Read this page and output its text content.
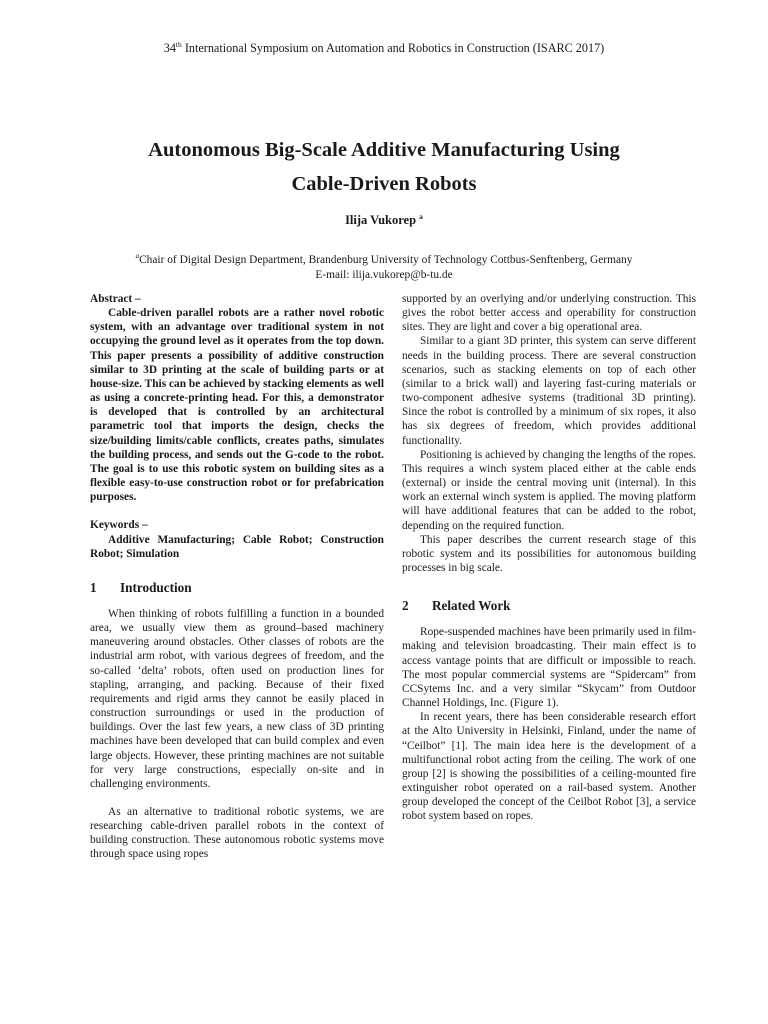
34th International Symposium on Automation and Robotics in Construction (ISARC 2017)
Autonomous Big-Scale Additive Manufacturing Using
Cable-Driven Robots
Ilija Vukorep $^a$
$^a$Chair of Digital Design Department, Brandenburg University of Technology Cottbus-Senftenberg, Germany
E-mail: ilija.vukorep@b-tu.de

Abstract –

Cable-driven parallel robots are a rather novel robotic system, with an advantage over traditional system in not occupying the ground level as it operates from the top down. This paper presents a possibility of additive construction similar to 3D printing at the scale of building parts or at house-size. This can be achieved by stacking elements as well as using a concrete-printing head. For this, a demonstrator is developed that is controlled by an architectural parametric tool that imports the design, checks the size/building limits/cable conflicts, creates paths, simulates the building process, and sends out the G-code to the robot. The goal is to use this robotic system on building sites as a flexible easy-to-use construction robot or for prefabrication purposes.

Keywords –

Additive Manufacturing; Cable Robot; Construction Robot; Simulation

1	Introduction

When thinking of robots fulfilling a function in a bounded area, we usually view them as ground–based machinery maneuvering around obstacles. Other classes of robots are the industrial arm robot, with various degrees of freedom, and the so-called ‘delta’ robots, often used on production lines for stapling, arranging, and packing. Because of their fixed requirements and rigid arms they cannot be easily placed in construction surroundings or used in the production of buildings. Over the last few years, a new class of 3D printing machines have been developed that can build complex and even large objects. However, these printing machines are not suitable for very large constructions, especially on-site and in challenging environments.

As an alternative to traditional robotic systems, we are researching cable-driven parallel robots in the context of building construction. These autonomous robotic systems move through space using ropes

supported by an overlying and/or underlying construction. This gives the robot better access and operability for construction sites. They are light and cover a big operational area.

Similar to a giant 3D printer, this system can serve different needs in the building process. There are several construction scenarios, such as stacking elements on top of each other (similar to a brick wall) and layering fast-curing materials or two-component adhesive systems (traditional 3D printing). Since the robot is controlled by a minimum of six ropes, it also has six degrees of freedom, which provides additional functionality.

Positioning is achieved by changing the lengths of the ropes. This requires a winch system placed either at the cable ends (external) or inside the central moving unit (internal). In this work an external winch system is applied. The moving platform will have additional features that can be added to the robot, depending on the required function.

This paper describes the current research stage of this robotic system and its possibilities for autonomous building processes in big scale.

2	Related Work

Rope-suspended machines have been primarily used in film-making and television broadcasting. Their main effect is to access vantage points that are difficult or impossible to reach. The most popular commercial systems are “Spidercam” from CCSytems Inc. and a very similar “Skycam” from Outdoor Channel Holdings, Inc. (Figure 1).

In recent years, there has been considerable research effort at the Alto University in Helsinki, Finland, under the name of “Ceilbot” [1]. The main idea here is the development of a multifunctional robot acting from the ceiling. The work of one group [2] is showing the possibilities of a ceiling-mounted fire extinguisher robot operated on a rail-based system. Another group developed the concept of the Ceilbot Robot [3], a service robot system based on ropes.
